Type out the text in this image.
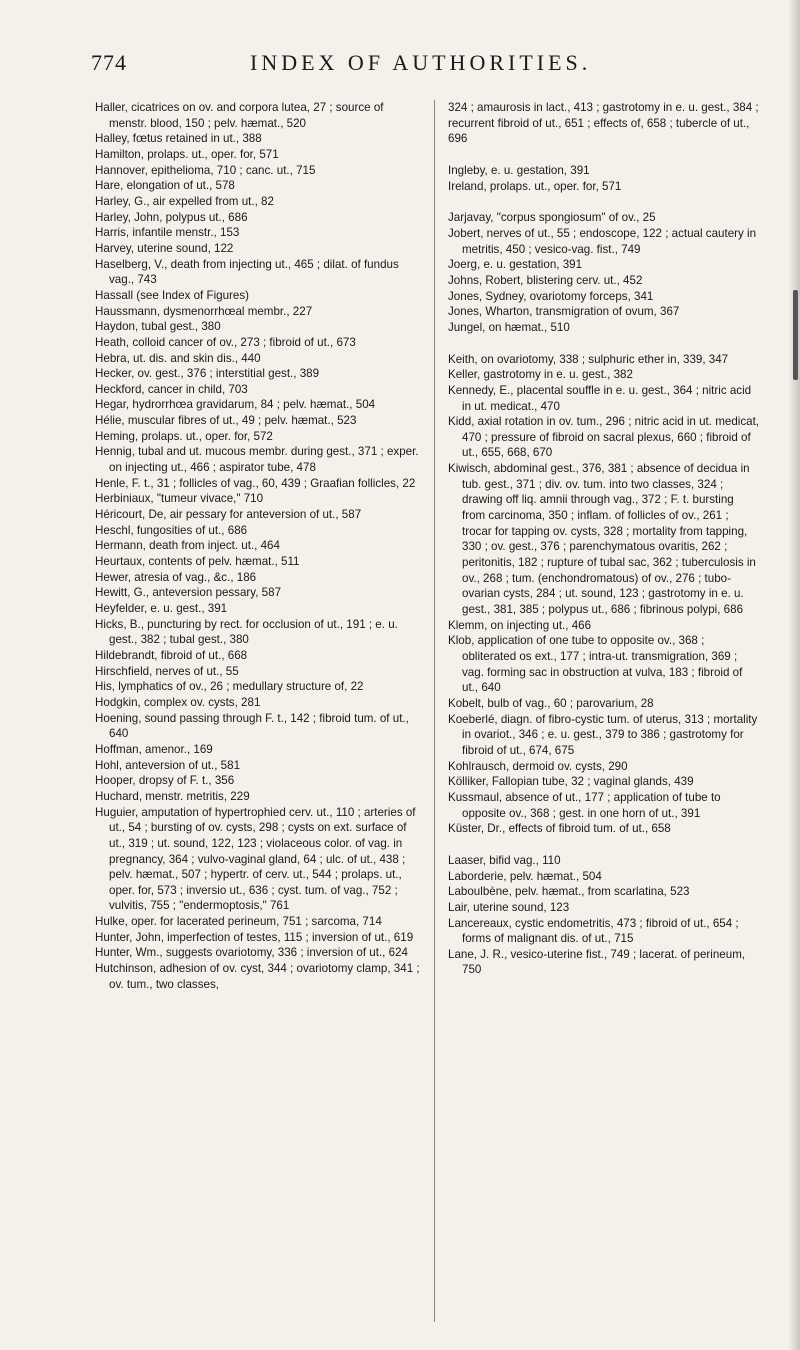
774	INDEX OF AUTHORITIES.

Haller, cicatrices on ov. and corpora lutea, 27 ; source of menstr. blood, 150 ; pelv. hæmat., 520

Halley, fœtus retained in ut., 388

Hamilton, prolaps. ut., oper. for, 571

Hannover, epithelioma, 710 ; canc. ut., 715

Hare, elongation of ut., 578

Harley, G., air expelled from ut., 82

Harley, John, polypus ut., 686

Harris, infantile menstr., 153

Harvey, uterine sound, 122

Haselberg, V., death from injecting ut., 465 ; dilat. of fundus vag., 743

Hassall (see Index of Figures)

Haussmann, dysmenorrhœal membr., 227

Haydon, tubal gest., 380

Heath, colloid cancer of ov., 273 ; fibroid of ut., 673

Hebra, ut. dis. and skin dis., 440

Hecker, ov. gest., 376 ; interstitial gest., 389

Heckford, cancer in child, 703

Hegar, hydrorrhœa gravidarum, 84 ; pelv. hæmat., 504

Hélie, muscular fibres of ut., 49 ; pelv. hæmat., 523

Heming, prolaps. ut., oper. for, 572

Hennig, tubal and ut. mucous membr. during gest., 371 ; exper. on injecting ut., 466 ; aspirator tube, 478

Henle, F. t., 31 ; follicles of vag., 60, 439 ; Graafian follicles, 22

Herbiniaux, "tumeur vivace," 710

Héricourt, De, air pessary for anteversion of ut., 587

Heschl, fungosities of ut., 686

Hermann, death from inject. ut., 464

Heurtaux, contents of pelv. hæmat., 511

Hewer, atresia of vag., &c., 186

Hewitt, G., anteversion pessary, 587

Heyfelder, e. u. gest., 391

Hicks, B., puncturing by rect. for occlusion of ut., 191 ; e. u. gest., 382 ; tubal gest., 380

Hildebrandt, fibroid of ut., 668

Hirschfield, nerves of ut., 55

His, lymphatics of ov., 26 ; medullary structure of, 22

Hodgkin, complex ov. cysts, 281

Hoening, sound passing through F. t., 142 ; fibroid tum. of ut., 640

Hoffman, amenor., 169

Hohl, anteversion of ut., 581

Hooper, dropsy of F. t., 356

Huchard, menstr. metritis, 229

Huguier, amputation of hypertrophied cerv. ut., 110 ; arteries of ut., 54 ; bursting of ov. cysts, 298 ; cysts on ext. surface of ut., 319 ; ut. sound, 122, 123 ; violaceous color. of vag. in pregnancy, 364 ; vulvo-vaginal gland, 64 ; ulc. of ut., 438 ; pelv. hæmat., 507 ; hypertr. of cerv. ut., 544 ; prolaps. ut., oper. for, 573 ; inversio ut., 636 ; cyst. tum. of vag., 752 ; vulvitis, 755 ; "endermoptosis," 761

Hulke, oper. for lacerated perineum, 751 ; sarcoma, 714

Hunter, John, imperfection of testes, 115 ; inversion of ut., 619

Hunter, Wm., suggests ovariotomy, 336 ; inversion of ut., 624

Hutchinson, adhesion of ov. cyst, 344 ; ovariotomy clamp, 341 ; ov. tum., two classes,

324 ; amaurosis in lact., 413 ; gastrotomy in e. u. gest., 384 ; recurrent fibroid of ut., 651 ; effects of, 658 ; tubercle of ut., 696

Ingleby, e. u. gestation, 391

Ireland, prolaps. ut., oper. for, 571

Jarjavay, "corpus spongiosum" of ov., 25

Jobert, nerves of ut., 55 ; endoscope, 122 ; actual cautery in metritis, 450 ; vesico-vag. fist., 749

Joerg, e. u. gestation, 391

Johns, Robert, blistering cerv. ut., 452

Jones, Sydney, ovariotomy forceps, 341

Jones, Wharton, transmigration of ovum, 367

Jungel, on hæmat., 510

Keith, on ovariotomy, 338 ; sulphuric ether in, 339, 347

Keller, gastrotomy in e. u. gest., 382

Kennedy, E., placental souffle in e. u. gest., 364 ; nitric acid in ut. medicat., 470

Kidd, axial rotation in ov. tum., 296 ; nitric acid in ut. medicat, 470 ; pressure of fibroid on sacral plexus, 660 ; fibroid of ut., 655, 668, 670

Kiwisch, abdominal gest., 376, 381 ; absence of decidua in tub. gest., 371 ; div. ov. tum. into two classes, 324 ; drawing off liq. amnii through vag., 372 ; F. t. bursting from carcinoma, 350 ; inflam. of follicles of ov., 261 ; trocar for tapping ov. cysts, 328 ; mortality from tapping, 330 ; ov. gest., 376 ; parenchymatous ovaritis, 262 ; peritonitis, 182 ; rupture of tubal sac, 362 ; tuberculosis in ov., 268 ; tum. (enchondromatous) of ov., 276 ; tubo-ovarian cysts, 284 ; ut. sound, 123 ; gastrotomy in e. u. gest., 381, 385 ; polypus ut., 686 ; fibrinous polypi, 686

Klemm, on injecting ut., 466

Klob, application of one tube to opposite ov., 368 ; obliterated os ext., 177 ; intra-ut. transmigration, 369 ; vag. forming sac in obstruction at vulva, 183 ; fibroid of ut., 640

Kobelt, bulb of vag., 60 ; parovarium, 28

Koeberlé, diagn. of fibro-cystic tum. of uterus, 313 ; mortality in ovariot., 346 ; e. u. gest., 379 to 386 ; gastrotomy for fibroid of ut., 674, 675

Kohlrausch, dermoid ov. cysts, 290

Kölliker, Fallopian tube, 32 ; vaginal glands, 439

Kussmaul, absence of ut., 177 ; application of tube to opposite ov., 368 ; gest. in one horn of ut., 391

Küster, Dr., effects of fibroid tum. of ut., 658

Laaser, bifid vag., 110

Laborderie, pelv. hæmat., 504

Laboulbène, pelv. hæmat., from scarlatina, 523

Lair, uterine sound, 123

Lancereaux, cystic endometritis, 473 ; fibroid of ut., 654 ; forms of malignant dis. of ut., 715

Lane, J. R., vesico-uterine fist., 749 ; lacerat. of perineum, 750
